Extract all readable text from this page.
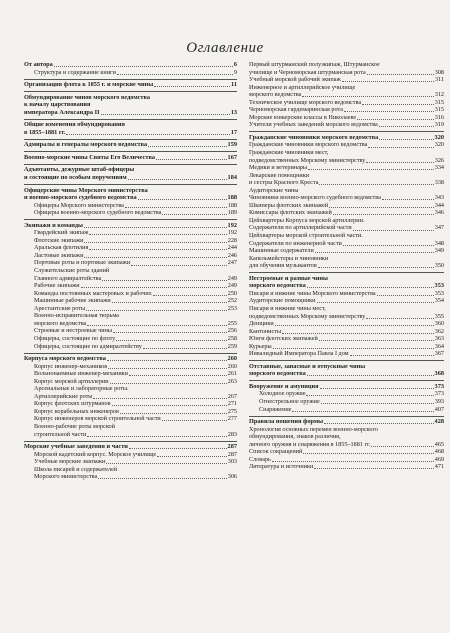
Оглавление
От автора	6
Структура и содержание книги	9
Организация флота к 1855 г. и морские чины	11
Обмундирование чинов морского ведомства
к началу царствования
императора Александра II	13
Общие изменения обмундирования
в 1855–1881 гг.	17
Адмиралы и генералы морского ведомства	159
Военно-морские чины Свиты Его Величества	167
Адъютанты, дежурные штаб-офицеры
и состоящие по особым поручениям	184
Офицерские чины Морского министерства
и военно-морского судебного ведомства	188
Офицеры Морского министерства	188
Офицеры военно-морского судебного ведомства	189
Экипажи и команды	192
Гвардейский экипаж	192
Флотские экипажи	228
Аральская флотилия	244
Ластовые экипажи	246
Портовые роты и портовые экипажи	247
Служительские роты зданий
Главного адмиралтейства	249
Рабочие экипажи	249
Команды постоянных мастеровых и рабочих	250
Машинные рабочие экипажи	252
Арестантские роты	253
Военно-исправительная тюрьма
морского ведомства	255
Строевые и нестроевые чины	256
Офицеры, состоящие по флоту	258
Офицеры, состоящие по адмиралтейству	259
Корпуса морского ведомства	260
Корпус инженер-механиков	260
Вольнонаемные инженер-механики	261
Корпус морской артиллерии	263
Арсенальные и лабораторные роты.
Артиллерийские роты	267
Корпус флотских штурманов	271
Корпус корабельных инженеров	275
Корпус инженеров морской строительной части	277
Военно-рабочие роты морской
строительной части	283
Морские учебные заведения и части	287
Морской кадетский корпус. Морское училище	287
Учебные морские экипажи	303
Школа писарей и содержателей
Морского министерства	306
Первый штурманский полуэкипаж, Штурманское
училище и Черноморская штурманская рота	308
Учебный морской рабочий экипаж	311
Инженерное и артиллерийское училище
морского ведомства	312
Техническое училище морского ведомства	315
Черноморская гардемаринская рота	315
Морские юнкерские классы в Николаеве	316
Учители учебных заведений морского ведомства	319
Гражданские чиновники морского ведомства	320
Гражданские чиновники морского ведомства	320
Гражданские чиновники мест,
подведомственных Морскому министерству	326
Медики и ветеринары	334
Лекарские помощники
и сестры Красного Креста	338
Аудиторские чины
Чиновники военно-морского судебного ведомства	343
Шкиперы флотских экипажей	344
Комиссары флотских экипажей	346
Цейхвартеры Корпуса морской артиллерии.
Содержатели по артиллерийской части	347
Цейхвартеры морской строительной части.
Содержатели по инженерной части	348
Машинные содержатели	349
Капельмейстеры и чиновники
для обучения музыкантов	350
Нестроевые и разные чины
морского ведомства	353
Писари и нижние чины Морского министерства	353
Аудиторские помощники	354
Писари и нижние чины мест,
подведомственных Морскому министерству	355
Денщики	360
Кантонисты	362
Юнги флотских экипажей	363
Курьеры	364
Инвалидный Императора Павла I дом	367
Отставные, запасные и отпускные чины
морского ведомства	368
Вооружение и амуниция	373
Холодное оружие	373
Огнестрельное оружие	393
Снаряжение	407
Правила ношения формы	428
Хронология основных перемен военно-морского
обмундирования, знаков различия,
личного оружия и снаряжения в 1855–1881 гг.	465
Список сокращений	468
Словарь	469
Литература и источники	471
